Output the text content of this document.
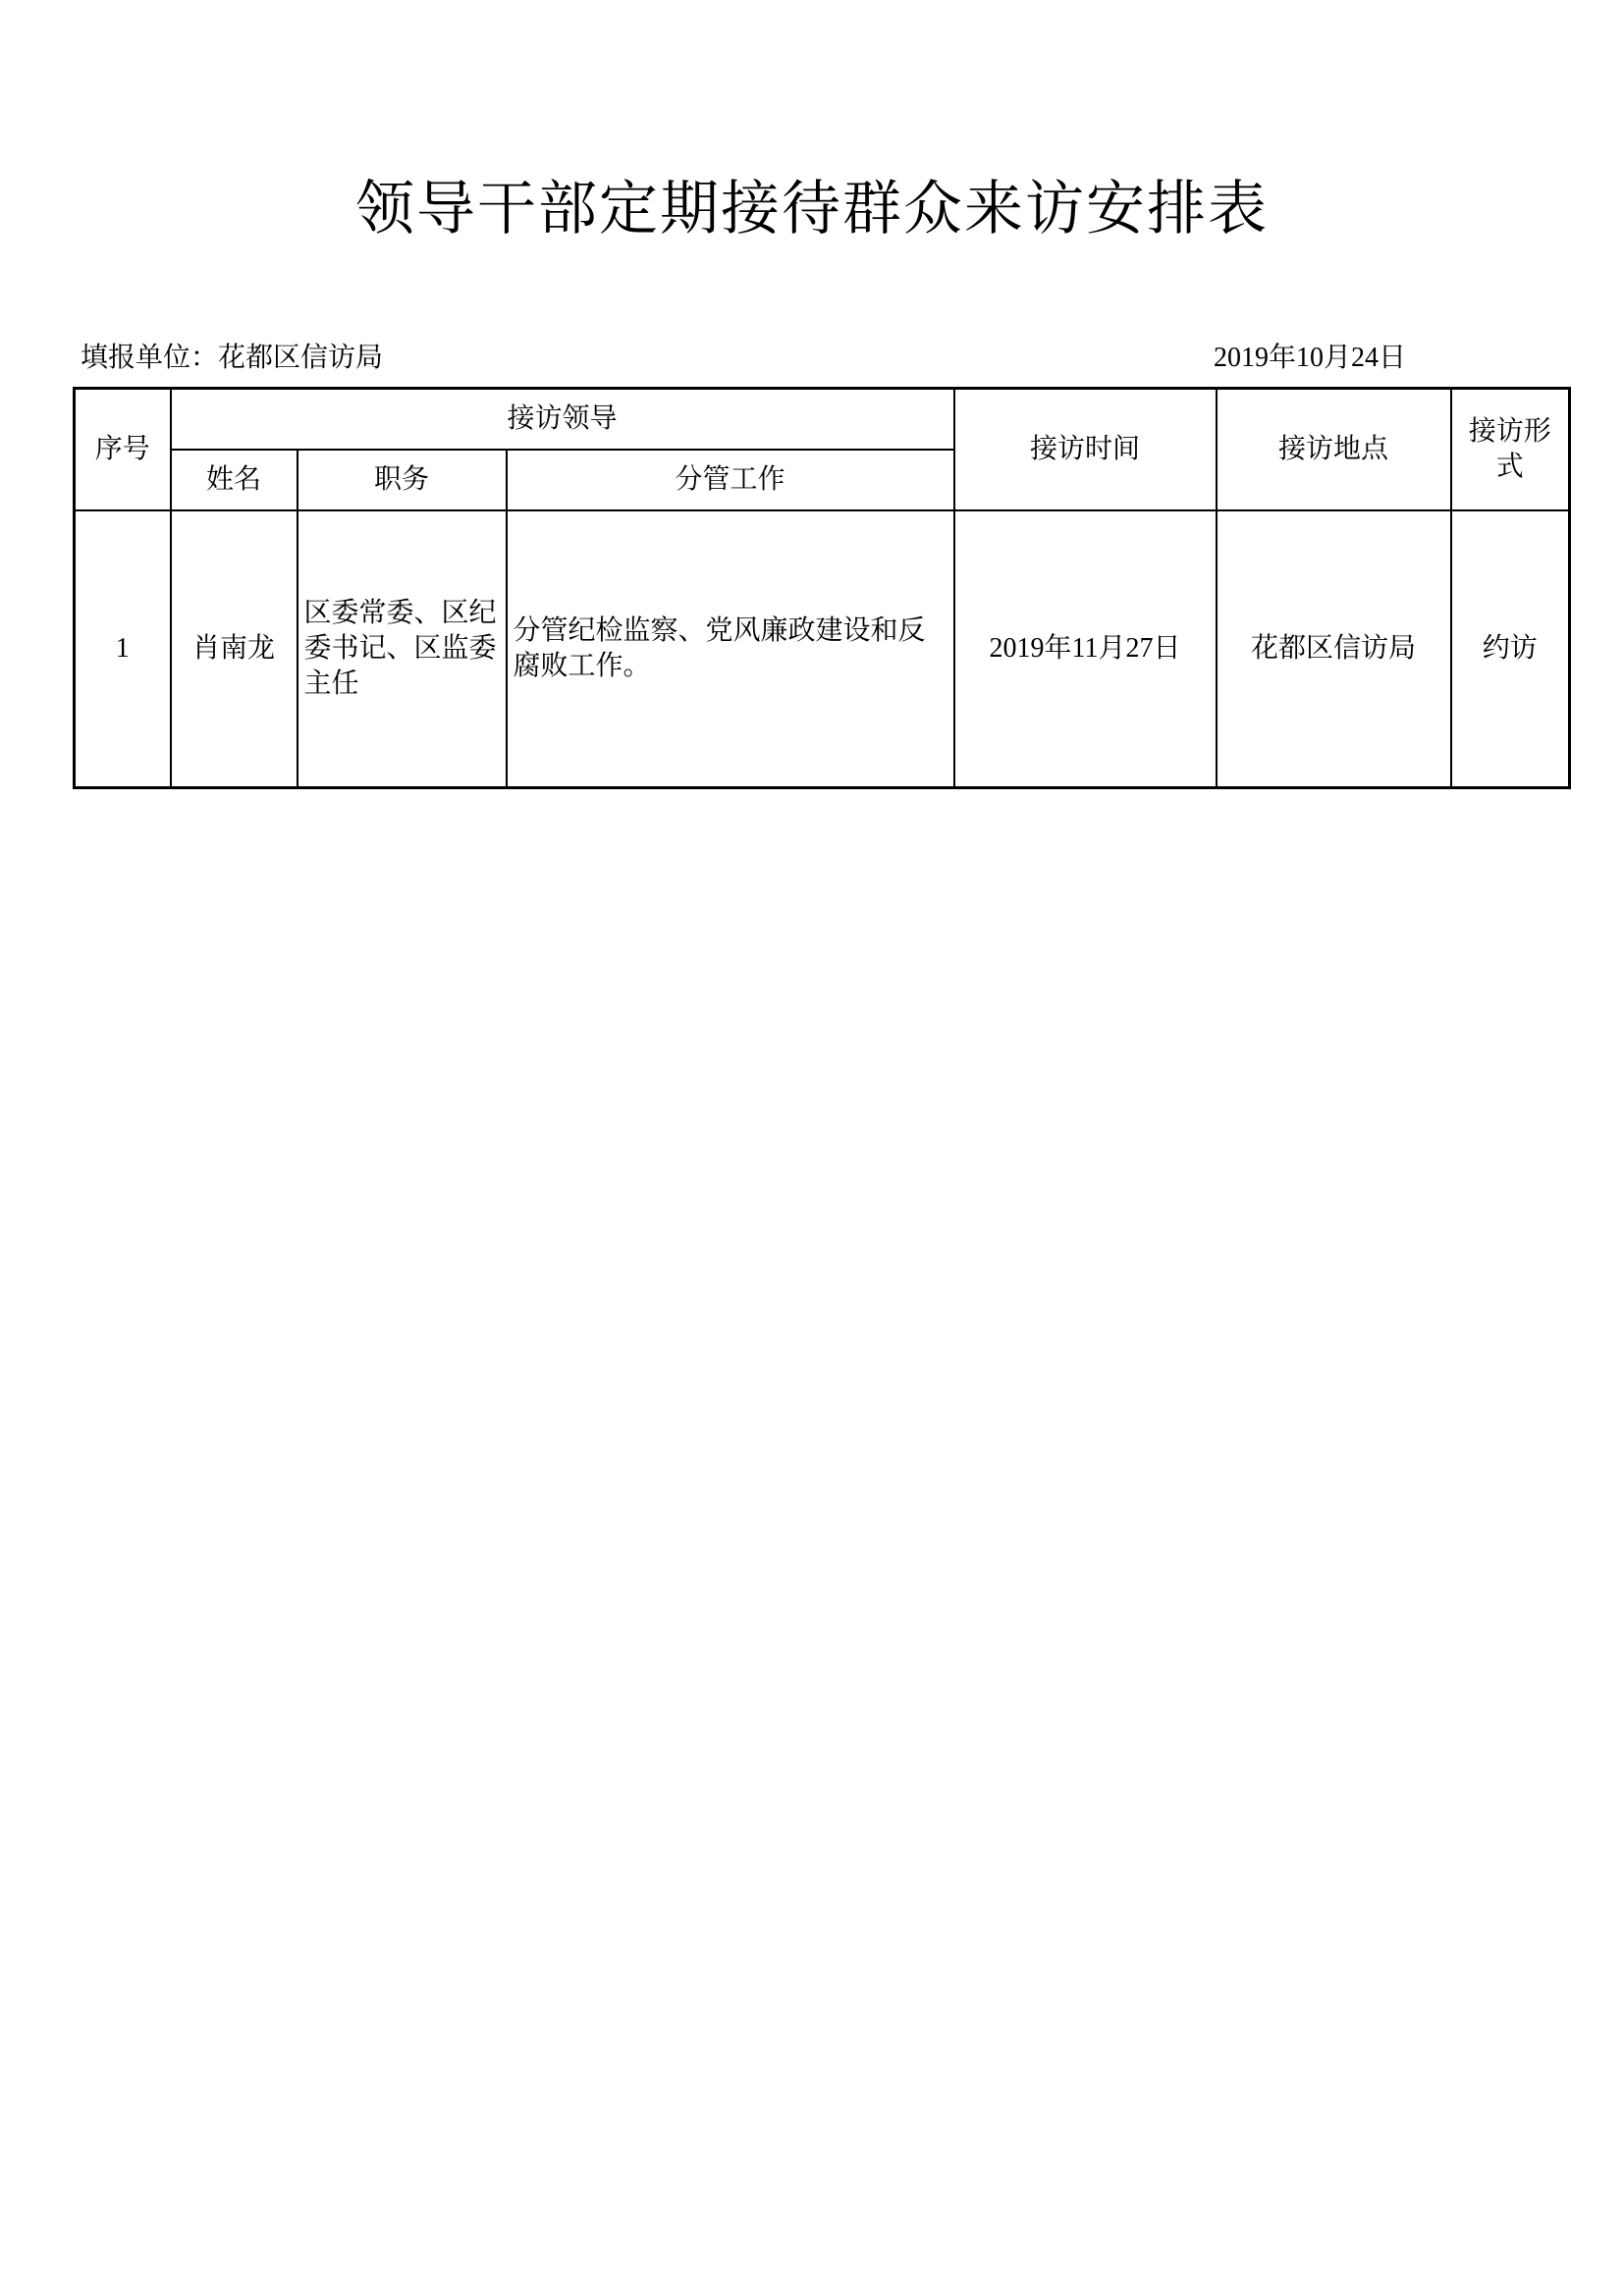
领导干部定期接待群众来访安排表
填报单位：花都区信访局	2019年10月24日
序号	接访领导			接访时间	接访地点	接访形式
	姓名	职务	分管工作			
1	肖南龙	区委常委、区纪委书记、区监委主任	分管纪检监察、党风廉政建设和反腐败工作。	2019年11月27日	花都区信访局	约访
